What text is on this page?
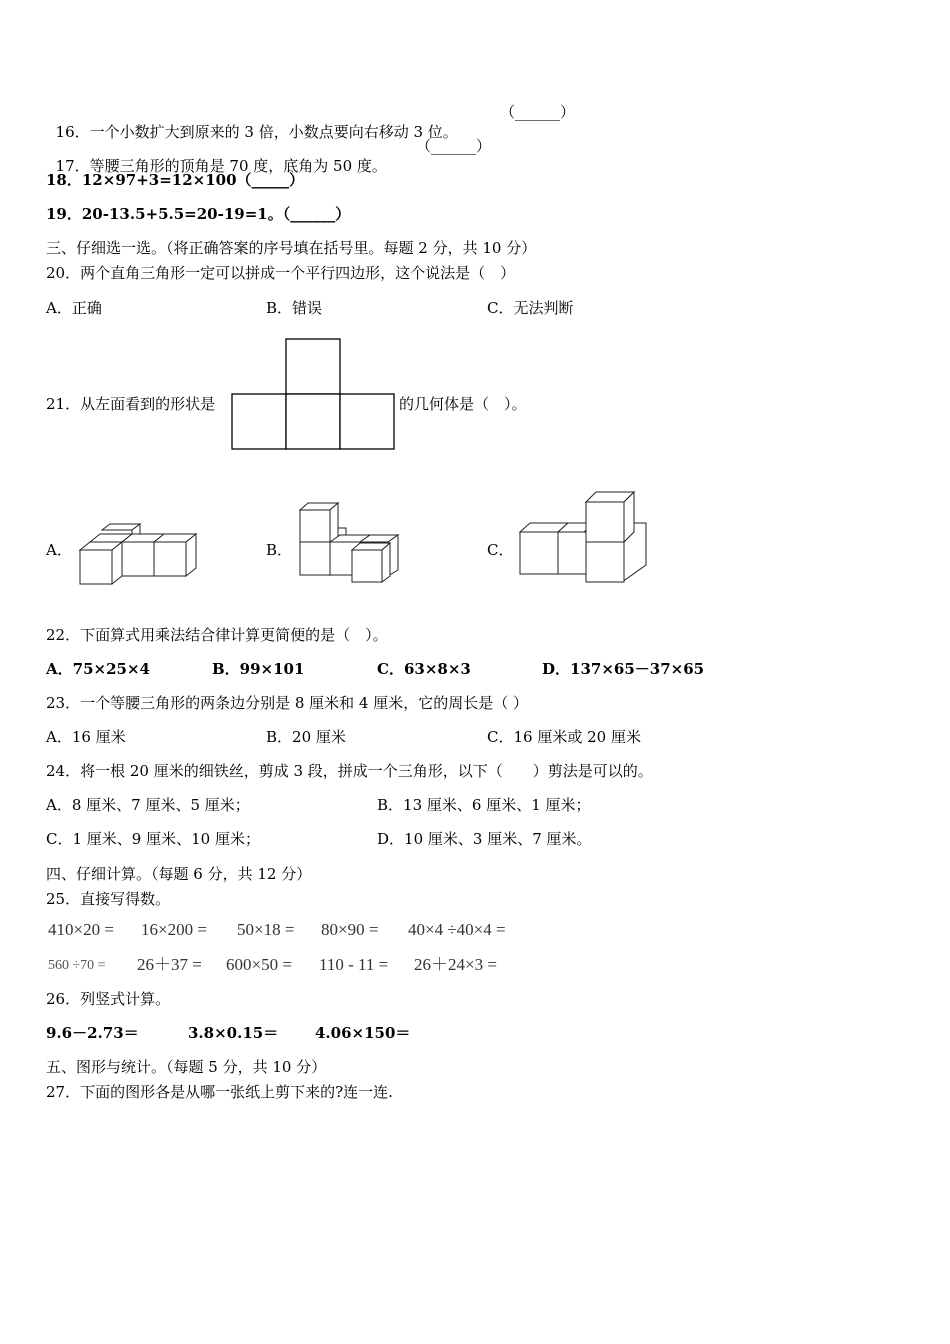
16．一个小数扩大到原来的 3 倍，小数点要向右移动 3 位。

（______）

17．等腰三角形的顶角是 70 度，底角为 50 度。

（______）
18．12×97+3=12×100（_____）
19．20-13.5+5.5=20-19=1。（______）
三、仔细选一选。（将正确答案的序号填在括号里。每题 2 分，共 10 分）
20．两个直角三角形一定可以拼成一个平行四边形，这个说法是（　）
A．正确	B．错误	C．无法判断
21．从左面看到的形状是	的几何体是（　）。
A．	B．	C．
22．下面算式用乘法结合律计算更简便的是（　）。
A．75×25×4	B．99×101	C．63×8×3	D．137×65－37×65
23．一个等腰三角形的两条边分别是 8 厘米和 4 厘米，它的周长是（ ）
A．16 厘米	B．20 厘米	C．16 厘米或 20 厘米
24．将一根 20 厘米的细铁丝，剪成 3 段，拼成一个三角形，以下（　　）剪法是可以的。
A．8 厘米、7 厘米、5 厘米；	B．13 厘米、6 厘米、1 厘米；
C．1 厘米、9 厘米、10 厘米；	D．10 厘米、3 厘米、7 厘米。
四、仔细计算。（每题 6 分，共 12 分）
25．直接写得数。
410×20 = 16×200 = 50×18 = 80×90 = 40×4 ÷40×4 =
560 ÷70 = 26＋37 = 600×50 = 110 - 11 = 26＋24×3 =
26．列竖式计算。
9.6－2.73＝	3.8×0.15＝ 4.06×150＝
五、图形与统计。（每题 5 分，共 10 分）
27．下面的图形各是从哪一张纸上剪下来的?连一连.
